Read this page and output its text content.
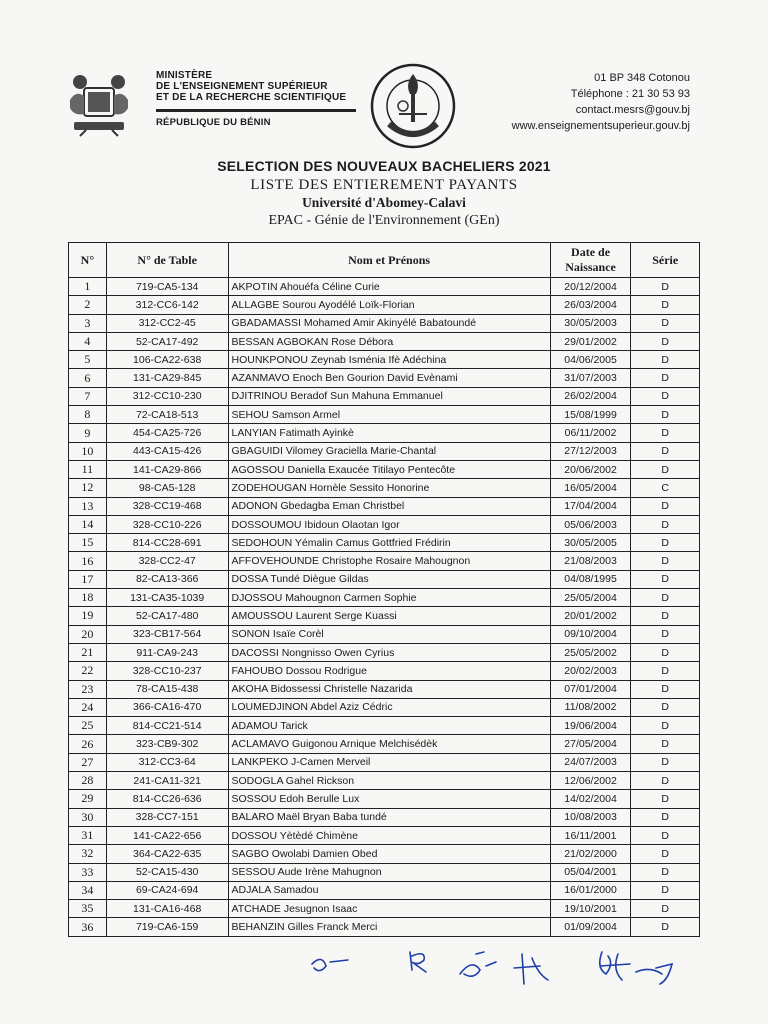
MINISTÈRE
DE L'ENSEIGNEMENT SUPÉRIEUR
ET DE LA RECHERCHE SCIENTIFIQUE
RÉPUBLIQUE DU BÉNIN
01 BP 348 Cotonou
Téléphone : 21 30 53 93
contact.mesrs@gouv.bj
www.enseignementsuperieur.gouv.bj
SELECTION DES NOUVEAUX BACHELIERS 2021
LISTE DES ENTIEREMENT PAYANTS
Université d'Abomey-Calavi
EPAC - Génie de l'Environnement (GEn)
N°	N° de Table	Nom et Prénons	Date de Naissance	Série
1	719-CA5-134	AKPOTIN Ahouéfa Céline Curie	20/12/2004	D
2	312-CC6-142	ALLAGBE Sourou Ayodélé Loïk-Florian	26/03/2004	D
3	312-CC2-45	GBADAMASSI Mohamed Amir Akinyélé Babatoundé	30/05/2003	D
4	52-CA17-492	BESSAN AGBOKAN Rose Débora	29/01/2002	D
5	106-CA22-638	HOUNKPONOU Zeynab Isménia Ifè Adéchina	04/06/2005	D
6	131-CA29-845	AZANMAVO Enoch Ben Gourion David Evènami	31/07/2003	D
7	312-CC10-230	DJITRINOU Beradof Sun Mahuna Emmanuel	26/02/2004	D
8	72-CA18-513	SEHOU Samson Armel	15/08/1999	D
9	454-CA25-726	LANYIAN Fatimath Ayinkè	06/11/2002	D
10	443-CA15-426	GBAGUIDI Vilomey Graciella Marie-Chantal	27/12/2003	D
11	141-CA29-866	AGOSSOU Daniella Exaucée Titilayo Pentecôte	20/06/2002	D
12	98-CA5-128	ZODEHOUGAN Hornèle Sessito Honorine	16/05/2004	C
13	328-CC19-468	ADONON Gbedagba Eman Christbel	17/04/2004	D
14	328-CC10-226	DOSSOUMOU Ibidoun Olaotan Igor	05/06/2003	D
15	814-CC28-691	SEDOHOUN Yémalin Camus Gottfried Frédirin	30/05/2005	D
16	328-CC2-47	AFFOVEHOUNDE Christophe Rosaire Mahougnon	21/08/2003	D
17	82-CA13-366	DOSSA Tundé Diègue Gildas	04/08/1995	D
18	131-CA35-1039	DJOSSOU Mahougnon Carmen Sophie	25/05/2004	D
19	52-CA17-480	AMOUSSOU Laurent Serge Kuassi	20/01/2002	D
20	323-CB17-564	SONON Isaïe Corèl	09/10/2004	D
21	911-CA9-243	DACOSSI Nongnisso Owen Cyrius	25/05/2002	D
22	328-CC10-237	FAHOUBO Dossou Rodrigue	20/02/2003	D
23	78-CA15-438	AKOHA Bidossessi Christelle Nazarida	07/01/2004	D
24	366-CA16-470	LOUMEDJINON Abdel Aziz Cédric	11/08/2002	D
25	814-CC21-514	ADAMOU Tarick	19/06/2004	D
26	323-CB9-302	ACLAMAVO Guigonou Arnique Melchisédèk	27/05/2004	D
27	312-CC3-64	LANKPEKO J-Camen Merveil	24/07/2003	D
28	241-CA11-321	SODOGLA Gahel Rickson	12/06/2002	D
29	814-CC26-636	SOSSOU Edoh Berulle Lux	14/02/2004	D
30	328-CC7-151	BALARO Maël Bryan Baba tundé	10/08/2003	D
31	141-CA22-656	DOSSOU Yètèdé Chimène	16/11/2001	D
32	364-CA22-635	SAGBO Owolabi Damien Obed	21/02/2000	D
33	52-CA15-430	SESSOU Aude Irène Mahugnon	05/04/2001	D
34	69-CA24-694	ADJALA Samadou	16/01/2000	D
35	131-CA16-468	ATCHADE Jesugnon Isaac	19/10/2001	D
36	719-CA6-159	BEHANZIN Gilles Franck Merci	01/09/2004	D
